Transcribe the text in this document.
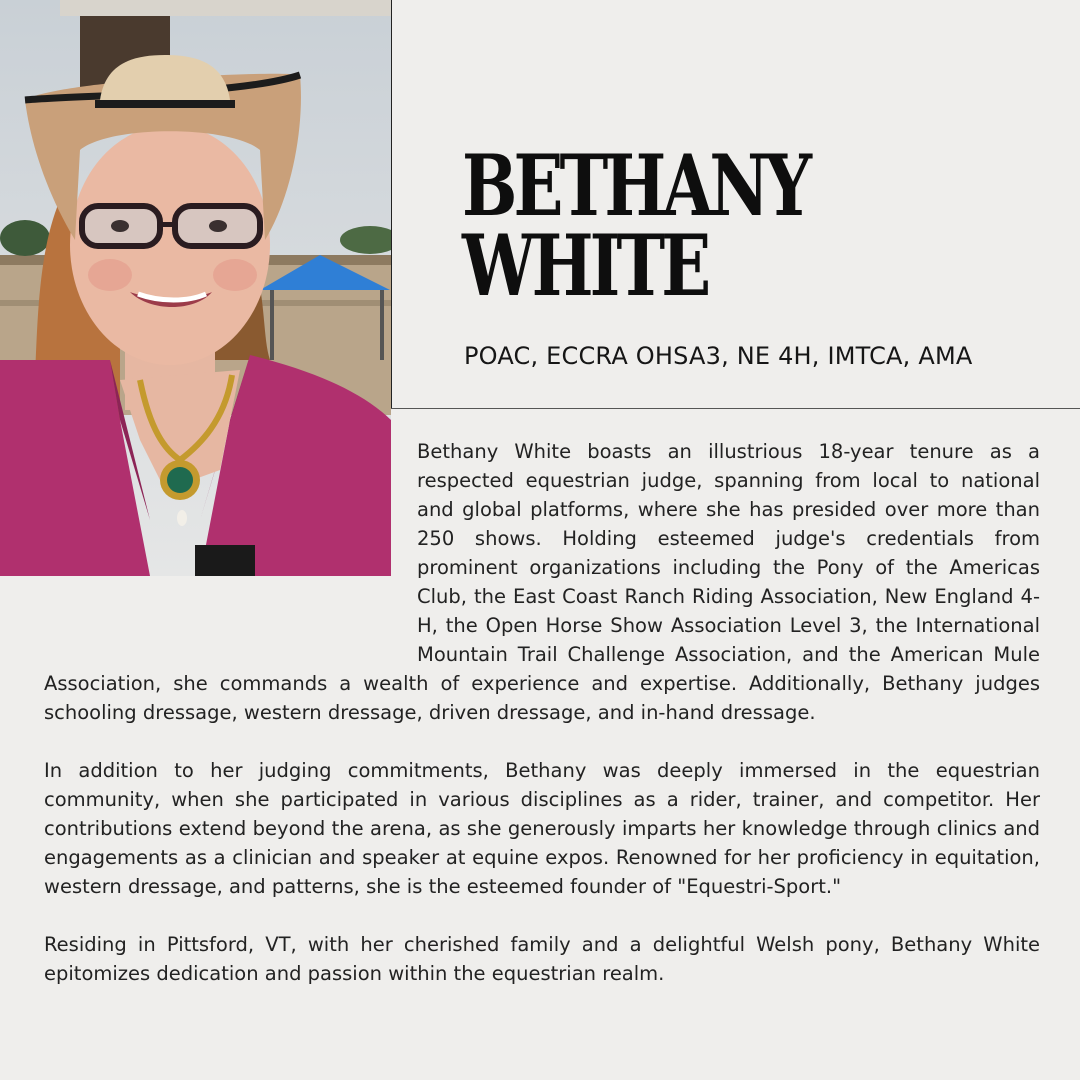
BETHANY
WHITE

POAC, ECCRA OHSA3, NE 4H, IMTCA, AMA

Bethany White boasts an illustrious 18-year tenure as a respected equestrian judge, spanning from local to national and global platforms, where she has presided over more than 250 shows. Holding esteemed judge's credentials from prominent organizations including the Pony of the Americas Club, the East Coast Ranch Riding Association, New England 4-H, the Open Horse Show Association Level 3, the International Mountain Trail Challenge Association, and the American Mule Association, she commands a wealth of experience and expertise. Additionally, Bethany judges schooling dressage, western dressage, driven dressage, and in-hand dressage.

In addition to her judging commitments, Bethany was deeply immersed in the equestrian community, when she participated in various disciplines as a rider, trainer, and competitor. Her contributions extend beyond the arena, as she generously imparts her knowledge through clinics and engagements as a clinician and speaker at equine expos. Renowned for her proficiency in equitation, western dressage, and patterns, she is the esteemed founder of "Equestri-Sport."

Residing in Pittsford, VT, with her cherished family and a delightful Welsh pony, Bethany White epitomizes dedication and passion within the equestrian realm.
